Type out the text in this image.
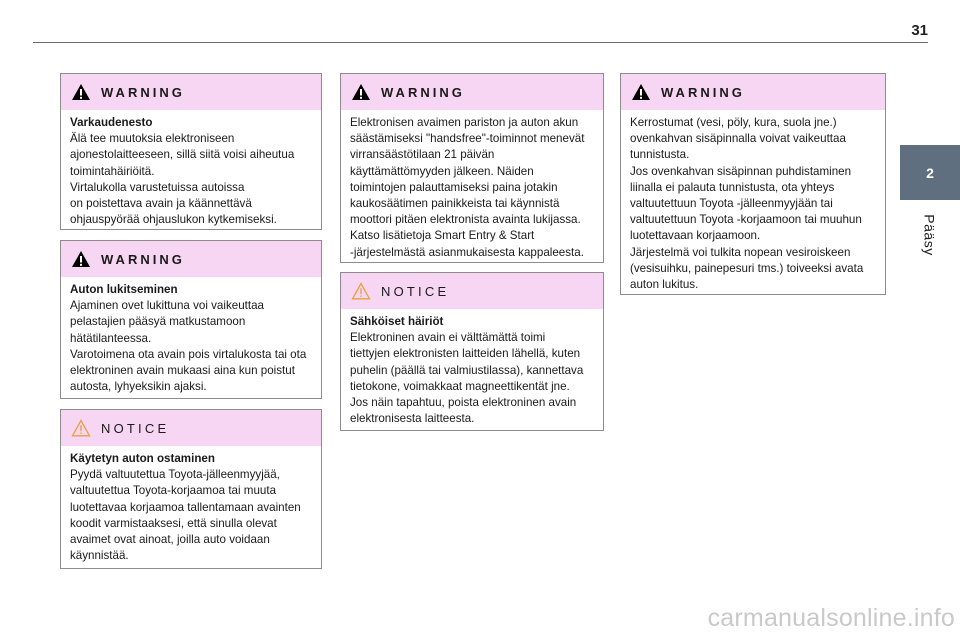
31
2
Pääsy
WARNING

Varkaudenesto

Älä tee muutoksia elektroniseen

ajonestolaitteeseen, sillä siitä voisi aiheutua

toimintahäiriöitä.

Virtalukolla varustetuissa autoissa

on poistettava avain ja käännettävä

ohjauspyörää ohjauslukon kytkemiseksi.

WARNING

Auton lukitseminen

Ajaminen ovet lukittuna voi vaikeuttaa

pelastajien pääsyä matkustamoon

hätätilanteessa.

Varotoimena ota avain pois virtalukosta tai ota

elektroninen avain mukaasi aina kun poistut

autosta, lyhyeksikin ajaksi.

NOTICE

Käytetyn auton ostaminen

Pyydä valtuutettua Toyota-jälleenmyyjää,

valtuutettua Toyota-korjaamoa tai muuta

luotettavaa korjaamoa tallentamaan avainten

koodit varmistaaksesi, että sinulla olevat

avaimet ovat ainoat, joilla auto voidaan

käynnistää.

WARNING

Elektronisen avaimen pariston ja auton akun

säästämiseksi "handsfree"-toiminnot menevät

virransäästötilaan 21 päivän

käyttämättömyyden jälkeen. Näiden

toimintojen palauttamiseksi paina jotakin

kaukosäätimen painikkeista tai käynnistä

moottori pitäen elektronista avainta lukijassa.

Katso lisätietoja Smart Entry & Start

-järjestelmästä asianmukaisesta kappaleesta.

NOTICE

Sähköiset häiriöt

Elektroninen avain ei välttämättä toimi

tiettyjen elektronisten laitteiden lähellä, kuten

puhelin (päällä tai valmiustilassa), kannettava

tietokone, voimakkaat magneettikentät jne.

Jos näin tapahtuu, poista elektroninen avain

elektronisesta laitteesta.

WARNING

Kerrostumat (vesi, pöly, kura, suola jne.)

ovenkahvan sisäpinnalla voivat vaikeuttaa

tunnistusta.

Jos ovenkahvan sisäpinnan puhdistaminen

liinalla ei palauta tunnistusta, ota yhteys

valtuutettuun Toyota -jälleenmyyjään tai

valtuutettuun Toyota -korjaamoon tai muuhun

luotettavaan korjaamoon.

Järjestelmä voi tulkita nopean vesiroiskeen

(vesisuihku, painepesuri tms.) toiveeksi avata

auton lukitus.

carmanualsonline.info
